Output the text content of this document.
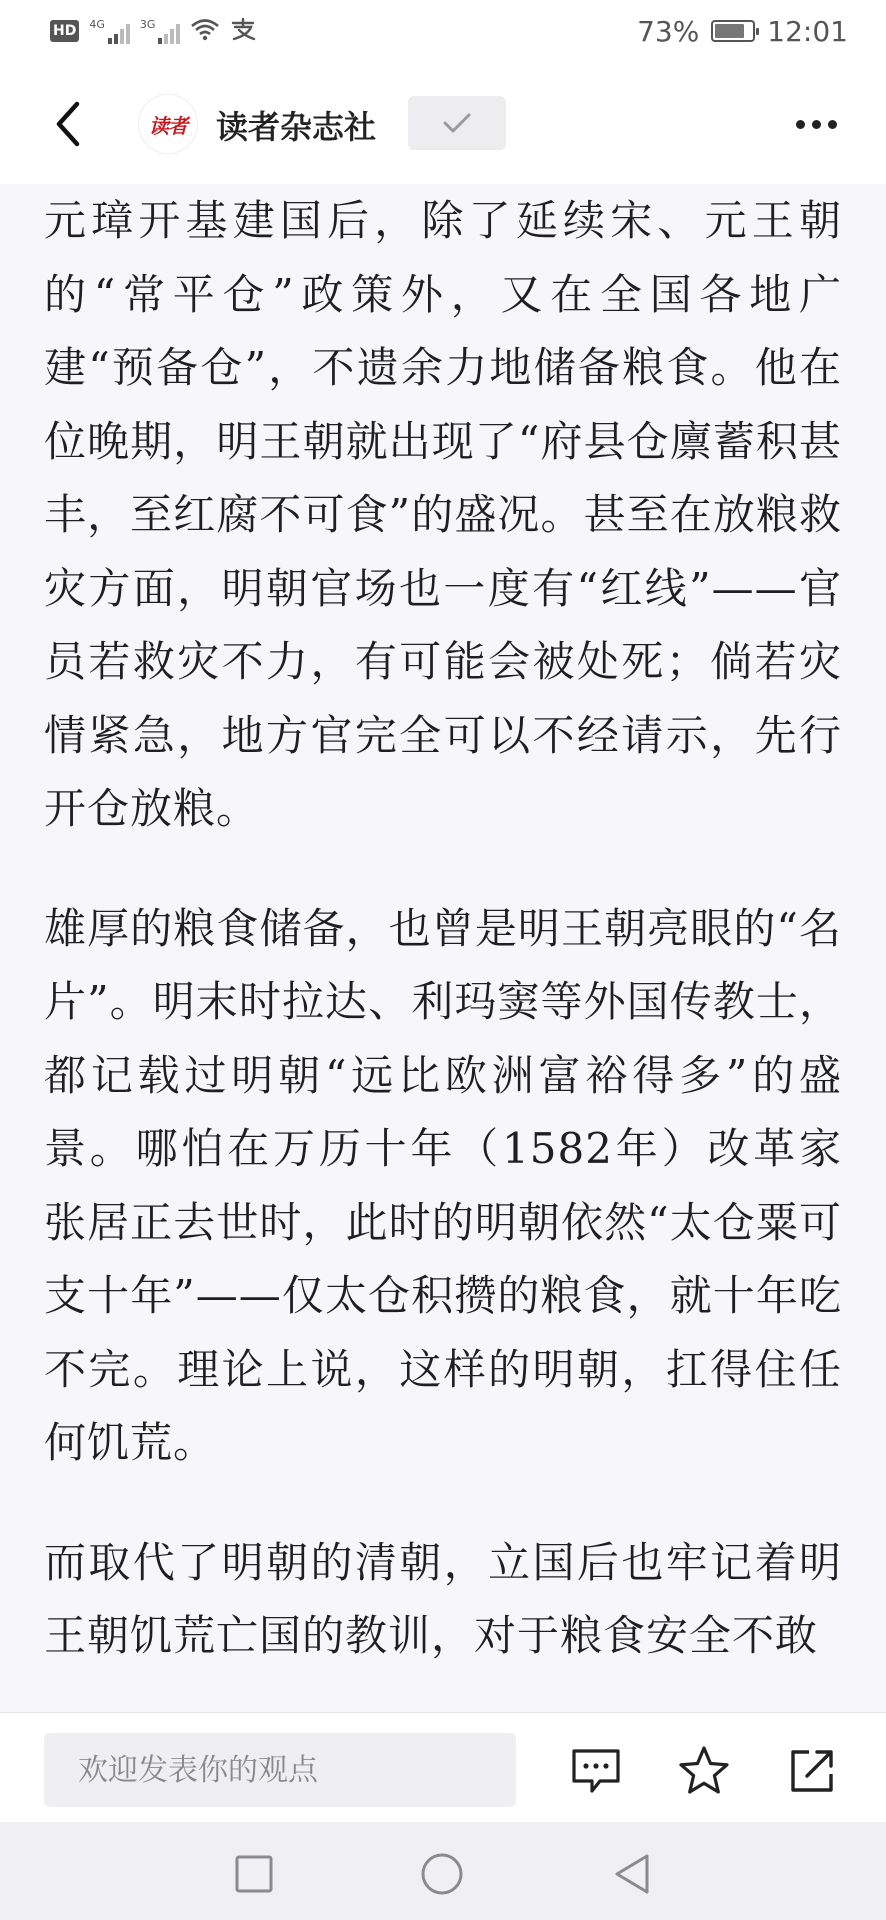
HD 4G	3G	73% 12:01
读者 读者杂志社

元璋开基建国后，除了延续宋、元王朝的“常平仓”政策外，又在全国各地广建“预备仓”，不遗余力地储备粮食。他在位晚期，明王朝就出现了“府县仓廪蓄积甚丰，至红腐不可食”的盛况。甚至在放粮救灾方面，明朝官场也一度有“红线”——官员若救灾不力，有可能会被处死；倘若灾情紧急，地方官完全可以不经请示，先行开仓放粮。

雄厚的粮食储备，也曾是明王朝亮眼的“名片”。明末时拉达、利玛窦等外国传教士，都记载过明朝“远比欧洲富裕得多”的盛景。哪怕在万历十年（1582年）改革家张居正去世时，此时的明朝依然“太仓粟可支十年”——仅太仓积攒的粮食，就十年吃不完。理论上说，这样的明朝，扛得住任何饥荒。

而取代了明朝的清朝，立国后也牢记着明王朝饥荒亡国的教训，对于粮食安全不敢

欢迎发表你的观点
